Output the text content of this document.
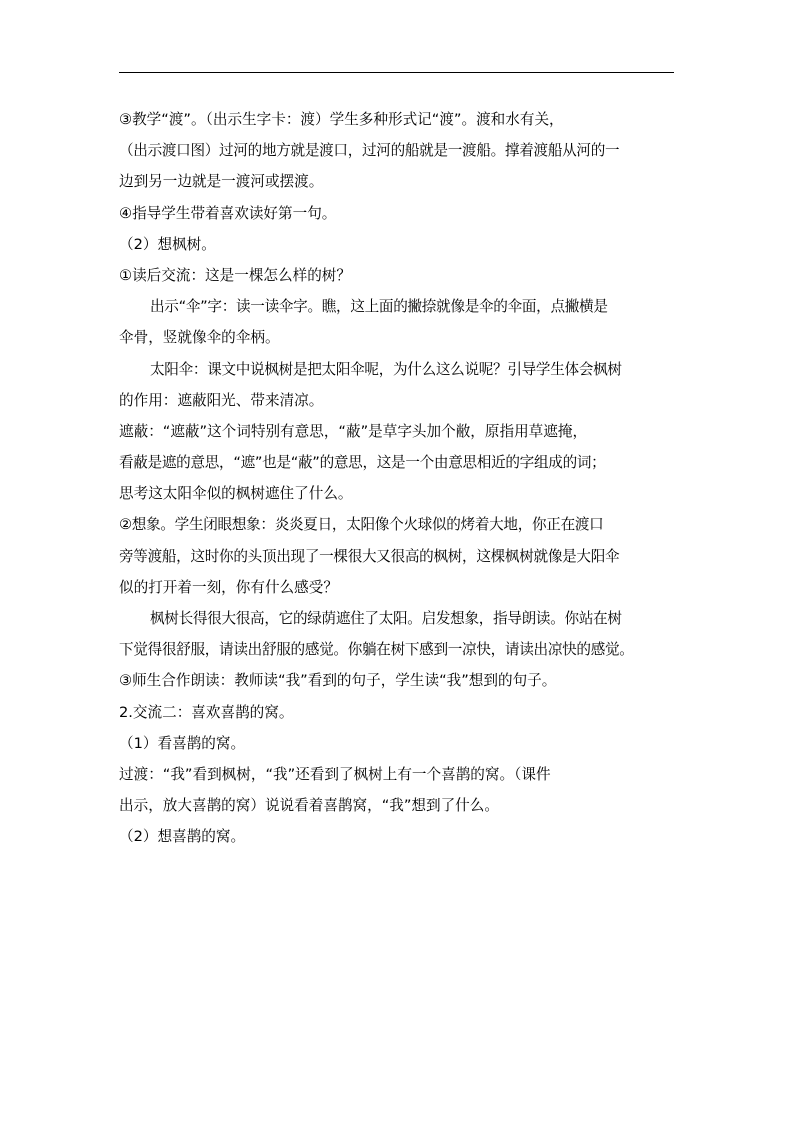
③教学“渡”。（出示生字卡：渡）学生多种形式记“渡”。渡和水有关，
（出示渡口图）过河的地方就是渡口，过河的船就是一渡船。撑着渡船从河的一
边到另一边就是一渡河或摆渡。
④指导学生带着喜欢读好第一句。
（2）想枫树。
①读后交流：这是一棵怎么样的树？
出示“伞”字：读一读伞字。瞧，这上面的撇捺就像是伞的伞面，点撇横是
伞骨，竖就像伞的伞柄。
太阳伞：课文中说枫树是把太阳伞呢，为什么这么说呢？引导学生体会枫树
的作用：遮蔽阳光、带来清凉。
遮蔽：“遮蔽”这个词特别有意思，“蔽”是草字头加个敝，原指用草遮掩，
看蔽是遮的意思，“遮”也是“蔽”的意思，这是一个由意思相近的字组成的词；
思考这太阳伞似的枫树遮住了什么。
②想象。学生闭眼想象：炎炎夏日，太阳像个火球似的烤着大地，你正在渡口
旁等渡船，这时你的头顶出现了一棵很大又很高的枫树，这棵枫树就像是大阳伞
似的打开着一刻，你有什么感受？
枫树长得很大很高，它的绿荫遮住了太阳。启发想象，指导朗读。你站在树
下觉得很舒服，请读出舒服的感觉。你躺在树下感到一凉快，请读出凉快的感觉。
③师生合作朗读：教师读“我”看到的句子，学生读“我”想到的句子。
2.交流二：喜欢喜鹊的窝。
（1）看喜鹊的窝。
过渡：“我”看到枫树，“我”还看到了枫树上有一个喜鹊的窝。（课件
出示，放大喜鹊的窝）说说看着喜鹊窝，“我”想到了什么。
（2）想喜鹊的窝。
